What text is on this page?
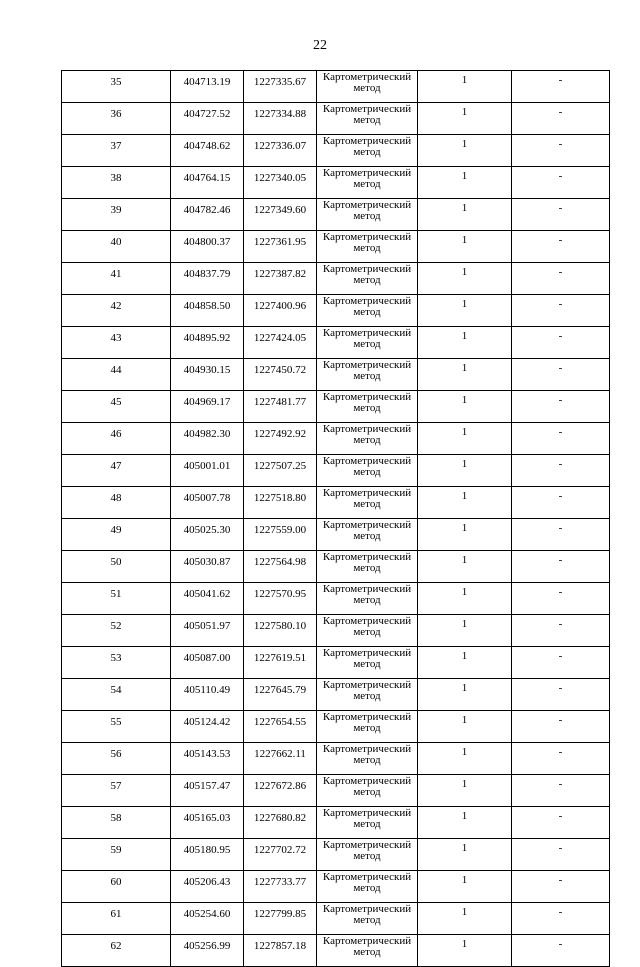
22
35	404713.19	1227335.67	Картометрический метод	1	-
36	404727.52	1227334.88	Картометрический метод	1	-
37	404748.62	1227336.07	Картометрический метод	1	-
38	404764.15	1227340.05	Картометрический метод	1	-
39	404782.46	1227349.60	Картометрический метод	1	-
40	404800.37	1227361.95	Картометрический метод	1	-
41	404837.79	1227387.82	Картометрический метод	1	-
42	404858.50	1227400.96	Картометрический метод	1	-
43	404895.92	1227424.05	Картометрический метод	1	-
44	404930.15	1227450.72	Картометрический метод	1	-
45	404969.17	1227481.77	Картометрический метод	1	-
46	404982.30	1227492.92	Картометрический метод	1	-
47	405001.01	1227507.25	Картометрический метод	1	-
48	405007.78	1227518.80	Картометрический метод	1	-
49	405025.30	1227559.00	Картометрический метод	1	-
50	405030.87	1227564.98	Картометрический метод	1	-
51	405041.62	1227570.95	Картометрический метод	1	-
52	405051.97	1227580.10	Картометрический метод	1	-
53	405087.00	1227619.51	Картометрический метод	1	-
54	405110.49	1227645.79	Картометрический метод	1	-
55	405124.42	1227654.55	Картометрический метод	1	-
56	405143.53	1227662.11	Картометрический метод	1	-
57	405157.47	1227672.86	Картометрический метод	1	-
58	405165.03	1227680.82	Картометрический метод	1	-
59	405180.95	1227702.72	Картометрический метод	1	-
60	405206.43	1227733.77	Картометрический метод	1	-
61	405254.60	1227799.85	Картометрический метод	1	-
62	405256.99	1227857.18	Картометрический метод	1	-
